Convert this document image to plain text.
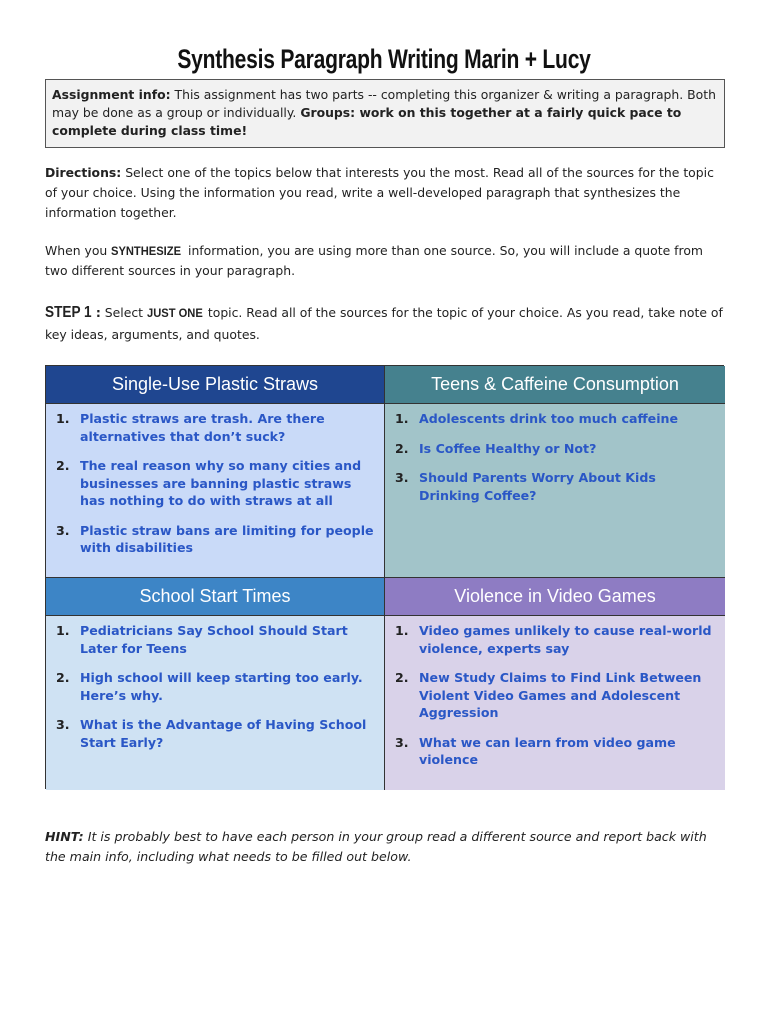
Synthesis Paragraph Writing Marin + Lucy
Assignment info: This assignment has two parts -- completing this organizer & writing a paragraph. Both may be done as a group or individually. Groups: work on this together at a fairly quick pace to complete during class time!
Directions: Select one of the topics below that interests you the most. Read all of the sources for the topic of your choice. Using the information you read, write a well-developed paragraph that synthesizes the information together.
When you SYNTHESIZE information, you are using more than one source. So, you will include a quote from two different sources in your paragraph.
STEP 1 : Select JUST ONE topic. Read all of the sources for the topic of your choice. As you read, take note of key ideas, arguments, and quotes.
Single-Use Plastic Straws	Teens & Caffeine Consumption
1. Plastic straws are trash. Are there alternatives that don’t suck?
2. The real reason why so many cities and businesses are banning plastic straws has nothing to do with straws at all
3. Plastic straw bans are limiting for people with disabilities
1. Adolescents drink too much caffeine
2. Is Coffee Healthy or Not?
3. Should Parents Worry About Kids Drinking Coffee?
School Start Times	Violence in Video Games
1. Pediatricians Say School Should Start Later for Teens
2. High school will keep starting too early. Here’s why.
3. What is the Advantage of Having School Start Early?
1. Video games unlikely to cause real-world violence, experts say
2. New Study Claims to Find Link Between Violent Video Games and Adolescent Aggression
3. What we can learn from video game violence
HINT: It is probably best to have each person in your group read a different source and report back with the main info, including what needs to be filled out below.
